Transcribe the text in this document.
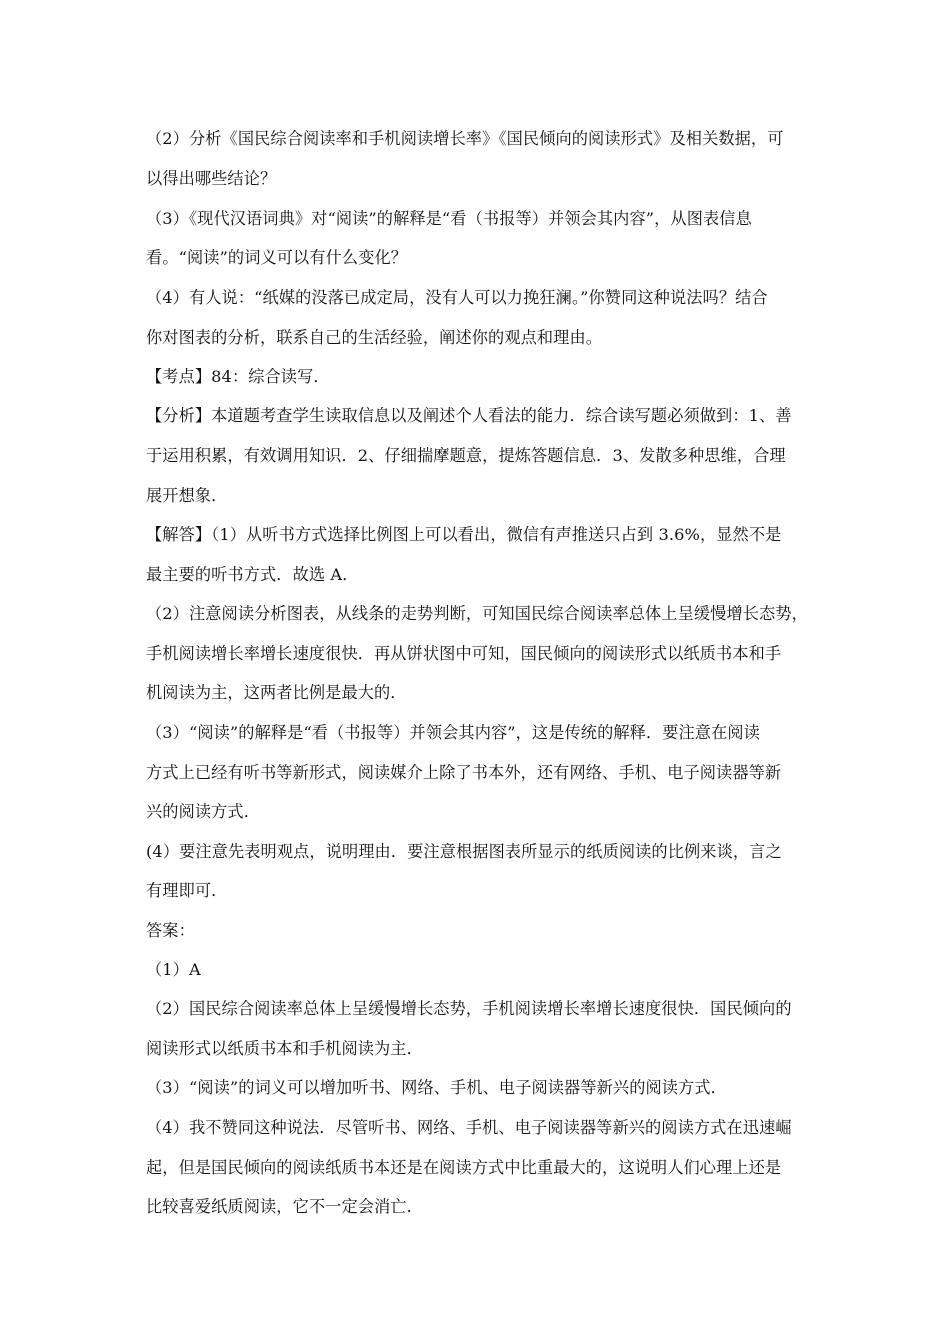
（2）分析《国民综合阅读率和手机阅读增长率》《国民倾向的阅读形式》及相关数据，可
以得出哪些结论？
（3）《现代汉语词典》对“阅读”的解释是“看（书报等）并领会其内容”，从图表信息
看。“阅读”的词义可以有什么变化？
（4）有人说：“纸媒的没落已成定局，没有人可以力挽狂澜。”你赞同这种说法吗？结合
你对图表的分析，联系自己的生活经验，阐述你的观点和理由。
【考点】84：综合读写．
【分析】本道题考查学生读取信息以及阐述个人看法的能力．综合读写题必须做到：1、善
于运用积累，有效调用知识．2、仔细揣摩题意，提炼答题信息．3、发散多种思维，合理
展开想象．
【解答】（1）从听书方式选择比例图上可以看出，微信有声推送只占到 3.6%，显然不是
最主要的听书方式．故选 A．
（2）注意阅读分析图表，从线条的走势判断，可知国民综合阅读率总体上呈缓慢增长态势，
手机阅读增长率增长速度很快．再从饼状图中可知，国民倾向的阅读形式以纸质书本和手
机阅读为主，这两者比例是最大的．
（3）“阅读”的解释是“看（书报等）并领会其内容”，这是传统的解释．要注意在阅读
方式上已经有听书等新形式，阅读媒介上除了书本外，还有网络、手机、电子阅读器等新
兴的阅读方式．
(4）要注意先表明观点，说明理由．要注意根据图表所显示的纸质阅读的比例来谈，言之
有理即可．
答案：
（1）A
（2）国民综合阅读率总体上呈缓慢增长态势，手机阅读增长率增长速度很快．国民倾向的
阅读形式以纸质书本和手机阅读为主．
（3）“阅读”的词义可以增加听书、网络、手机、电子阅读器等新兴的阅读方式．
（4）我不赞同这种说法．尽管听书、网络、手机、电子阅读器等新兴的阅读方式在迅速崛
起，但是国民倾向的阅读纸质书本还是在阅读方式中比重最大的，这说明人们心理上还是
比较喜爱纸质阅读，它不一定会消亡．
